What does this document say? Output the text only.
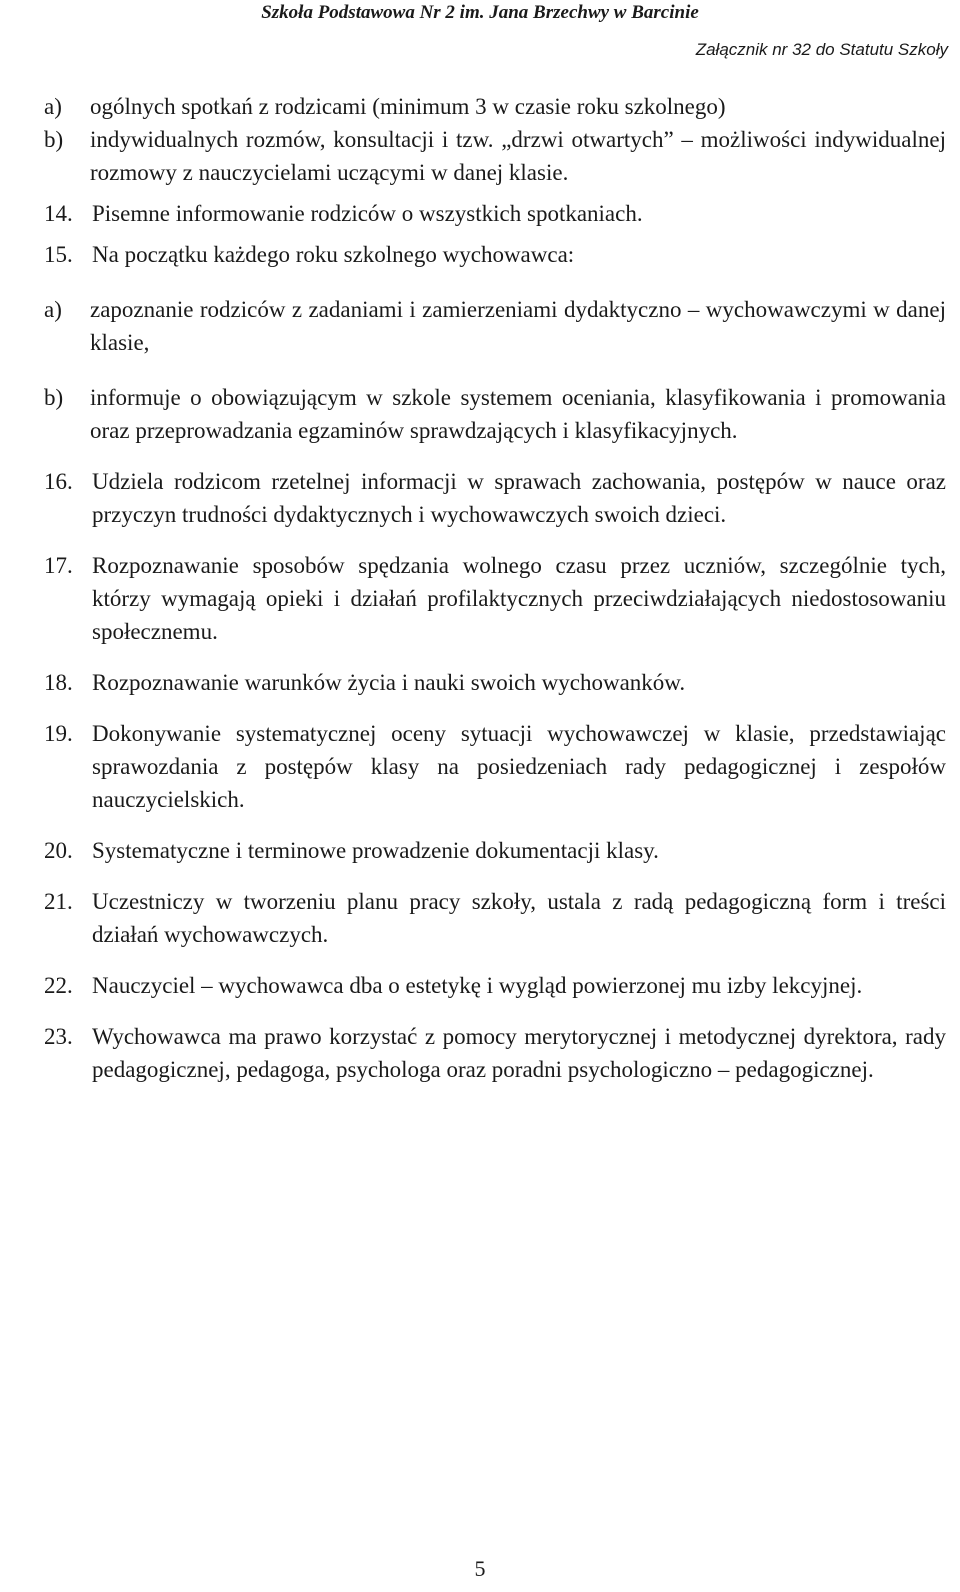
Szkoła Podstawowa Nr 2 im. Jana Brzechwy w Barcinie
Załącznik nr 32 do Statutu Szkoły
a) ogólnych spotkań z rodzicami (minimum 3 w czasie roku szkolnego)
b) indywidualnych rozmów, konsultacji i tzw. „drzwi otwartych” – możliwości indywidualnej rozmowy z nauczycielami uczącymi w danej klasie.
14. Pisemne informowanie rodziców o wszystkich spotkaniach.
15. Na początku każdego roku szkolnego wychowawca:
a) zapoznanie rodziców z zadaniami i zamierzeniami dydaktyczno – wychowawczymi w danej klasie,
b) informuje o obowiązującym w szkole systemem oceniania, klasyfikowania i promowania oraz przeprowadzania egzaminów sprawdzających i klasyfikacyjnych.
16. Udziela rodzicom rzetelnej informacji w sprawach zachowania, postępów w nauce oraz przyczyn trudności dydaktycznych i wychowawczych swoich dzieci.
17. Rozpoznawanie sposobów spędzania wolnego czasu przez uczniów, szczególnie tych, którzy wymagają opieki i działań profilaktycznych przeciwdziałających niedostosowaniu społecznemu.
18. Rozpoznawanie warunków życia i nauki swoich wychowanków.
19. Dokonywanie systematycznej oceny sytuacji wychowawczej w klasie, przedstawiając sprawozdania z postępów klasy na posiedzeniach rady pedagogicznej i zespołów nauczycielskich.
20. Systematyczne i terminowe prowadzenie dokumentacji klasy.
21. Uczestniczy w tworzeniu planu pracy szkoły, ustala z radą pedagogiczną form i treści działań wychowawczych.
22. Nauczyciel – wychowawca dba o estetykę i wygląd powierzonej mu izby lekcyjnej.
23. Wychowawca ma prawo korzystać z pomocy merytorycznej i metodycznej dyrektora, rady pedagogicznej, pedagoga, psychologa oraz poradni psychologiczno – pedagogicznej.
5
